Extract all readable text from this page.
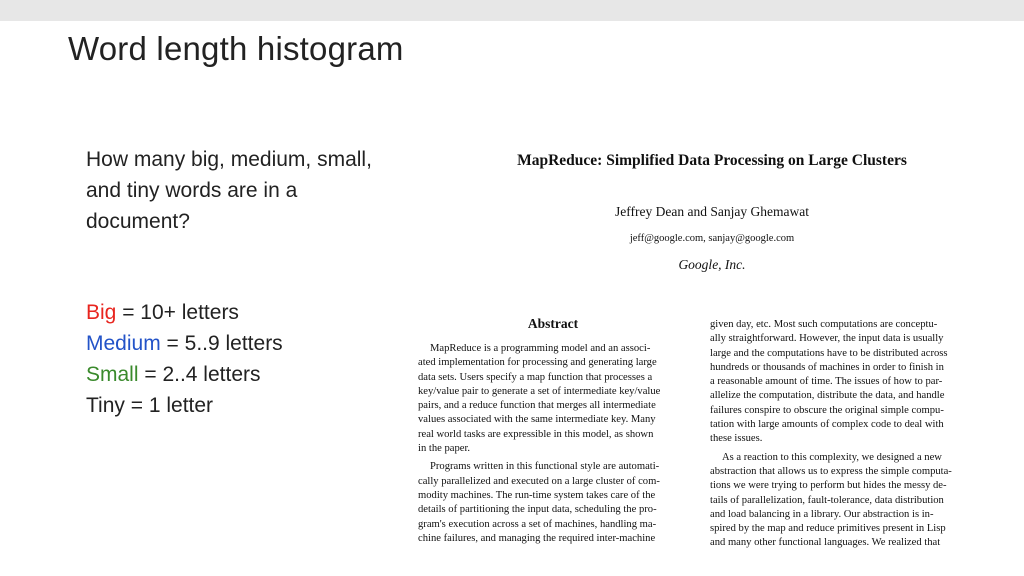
Word length histogram

How many big, medium, small, and tiny words are in a document?

Big = 10+ letters
Medium = 5..9 letters
Small = 2..4 letters
Tiny = 1 letter
MapReduce: Simplified Data Processing on Large Clusters
Jeffrey Dean and Sanjay Ghemawat
jeff@google.com, sanjay@google.com
Google, Inc.
Abstract
MapReduce is a programming model and an associ-
ated implementation for processing and generating large
data sets. Users specify a map function that processes a
key/value pair to generate a set of intermediate key/value
pairs, and a reduce function that merges all intermediate
values associated with the same intermediate key. Many
real world tasks are expressible in this model, as shown
in the paper.
Programs written in this functional style are automati-
cally parallelized and executed on a large cluster of com-
modity machines. The run-time system takes care of the
details of partitioning the input data, scheduling the pro-
gram's execution across a set of machines, handling ma-
chine failures, and managing the required inter-machine
given day, etc. Most such computations are conceptu-
ally straightforward. However, the input data is usually
large and the computations have to be distributed across
hundreds or thousands of machines in order to finish in
a reasonable amount of time. The issues of how to par-
allelize the computation, distribute the data, and handle
failures conspire to obscure the original simple compu-
tation with large amounts of complex code to deal with
these issues.
As a reaction to this complexity, we designed a new
abstraction that allows us to express the simple computa-
tions we were trying to perform but hides the messy de-
tails of parallelization, fault-tolerance, data distribution
and load balancing in a library. Our abstraction is in-
spired by the map and reduce primitives present in Lisp
and many other functional languages. We realized that
